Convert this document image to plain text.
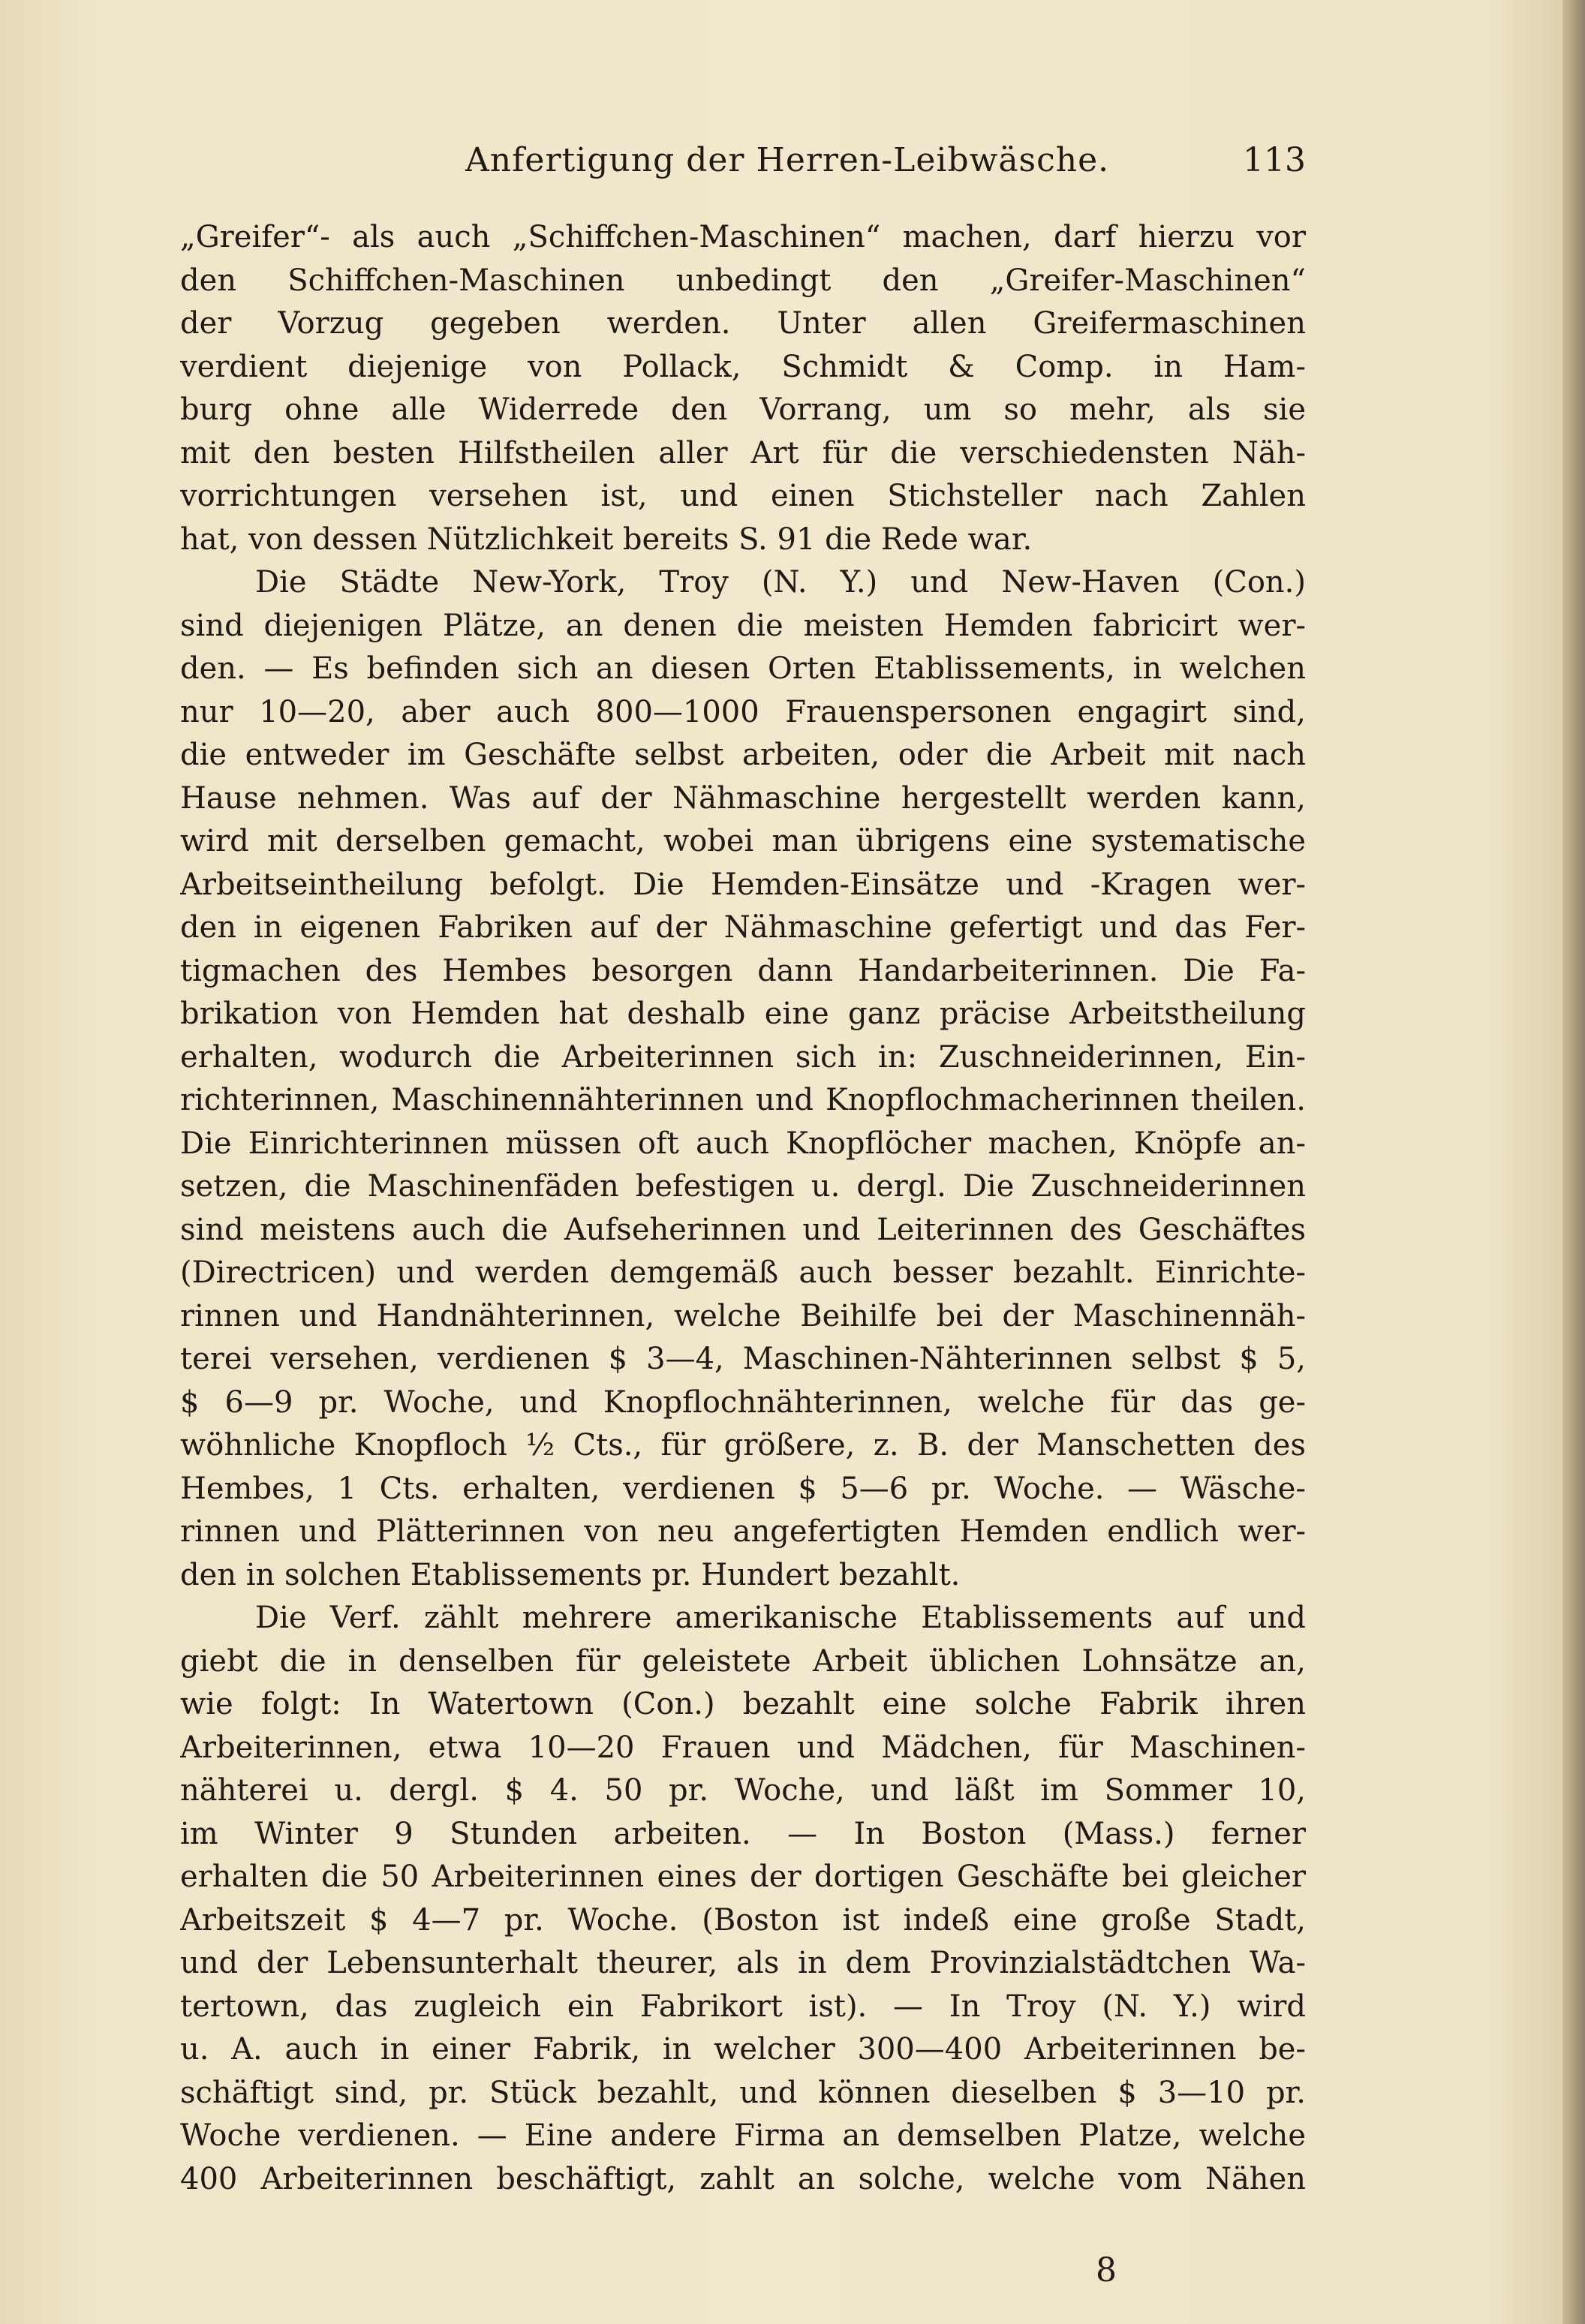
Anfertigung der Herren-Leibwäsche.	113
„Greifer“- als auch „Schiffchen-Maschinen“ machen, darf hierzu vor
den Schiffchen-Maschinen unbedingt den „Greifer-Maschinen“
der Vorzug gegeben werden. Unter allen Greifermaschinen
verdient diejenige von Pollack, Schmidt & Comp. in Ham-
burg ohne alle Widerrede den Vorrang, um so mehr, als sie
mit den besten Hilfstheilen aller Art für die verschiedensten Näh-
vorrichtungen versehen ist, und einen Stichsteller nach Zahlen
hat, von dessen Nützlichkeit bereits S. 91 die Rede war.
Die Städte New-York, Troy (N. Y.) und New-Haven (Con.)
sind diejenigen Plätze, an denen die meisten Hemden fabricirt wer-
den. — Es befinden sich an diesen Orten Etablissements, in welchen
nur 10—20, aber auch 800—1000 Frauenspersonen engagirt sind,
die entweder im Geschäfte selbst arbeiten, oder die Arbeit mit nach
Hause nehmen. Was auf der Nähmaschine hergestellt werden kann,
wird mit derselben gemacht, wobei man übrigens eine systematische
Arbeitseintheilung befolgt. Die Hemden-Einsätze und -Kragen wer-
den in eigenen Fabriken auf der Nähmaschine gefertigt und das Fer-
tigmachen des Hembes besorgen dann Handarbeiterinnen. Die Fa-
brikation von Hemden hat deshalb eine ganz präcise Arbeitstheilung
erhalten, wodurch die Arbeiterinnen sich in: Zuschneiderinnen, Ein-
richterinnen, Maschinennähterinnen und Knopflochmacherinnen theilen.
Die Einrichterinnen müssen oft auch Knopflöcher machen, Knöpfe an-
setzen, die Maschinenfäden befestigen u. dergl. Die Zuschneiderinnen
sind meistens auch die Aufseherinnen und Leiterinnen des Geschäftes
(Directricen) und werden demgemäß auch besser bezahlt. Einrichte-
rinnen und Handnähterinnen, welche Beihilfe bei der Maschinennäh-
terei versehen, verdienen $ 3—4, Maschinen-Nähterinnen selbst $ 5,
$ 6—9 pr. Woche, und Knopflochnähterinnen, welche für das ge-
wöhnliche Knopfloch ½ Cts., für größere, z. B. der Manschetten des
Hembes, 1 Cts. erhalten, verdienen $ 5—6 pr. Woche. — Wäsche-
rinnen und Plätterinnen von neu angefertigten Hemden endlich wer-
den in solchen Etablissements pr. Hundert bezahlt.
Die Verf. zählt mehrere amerikanische Etablissements auf und
giebt die in denselben für geleistete Arbeit üblichen Lohnsätze an,
wie folgt: In Watertown (Con.) bezahlt eine solche Fabrik ihren
Arbeiterinnen, etwa 10—20 Frauen und Mädchen, für Maschinen-
nähterei u. dergl. $ 4. 50 pr. Woche, und läßt im Sommer 10,
im Winter 9 Stunden arbeiten. — In Boston (Mass.) ferner
erhalten die 50 Arbeiterinnen eines der dortigen Geschäfte bei gleicher
Arbeitszeit $ 4—7 pr. Woche. (Boston ist indeß eine große Stadt,
und der Lebensunterhalt theurer, als in dem Provinzialstädtchen Wa-
tertown, das zugleich ein Fabrikort ist). — In Troy (N. Y.) wird
u. A. auch in einer Fabrik, in welcher 300—400 Arbeiterinnen be-
schäftigt sind, pr. Stück bezahlt, und können dieselben $ 3—10 pr.
Woche verdienen. — Eine andere Firma an demselben Platze, welche
400 Arbeiterinnen beschäftigt, zahlt an solche, welche vom Nähen
8
